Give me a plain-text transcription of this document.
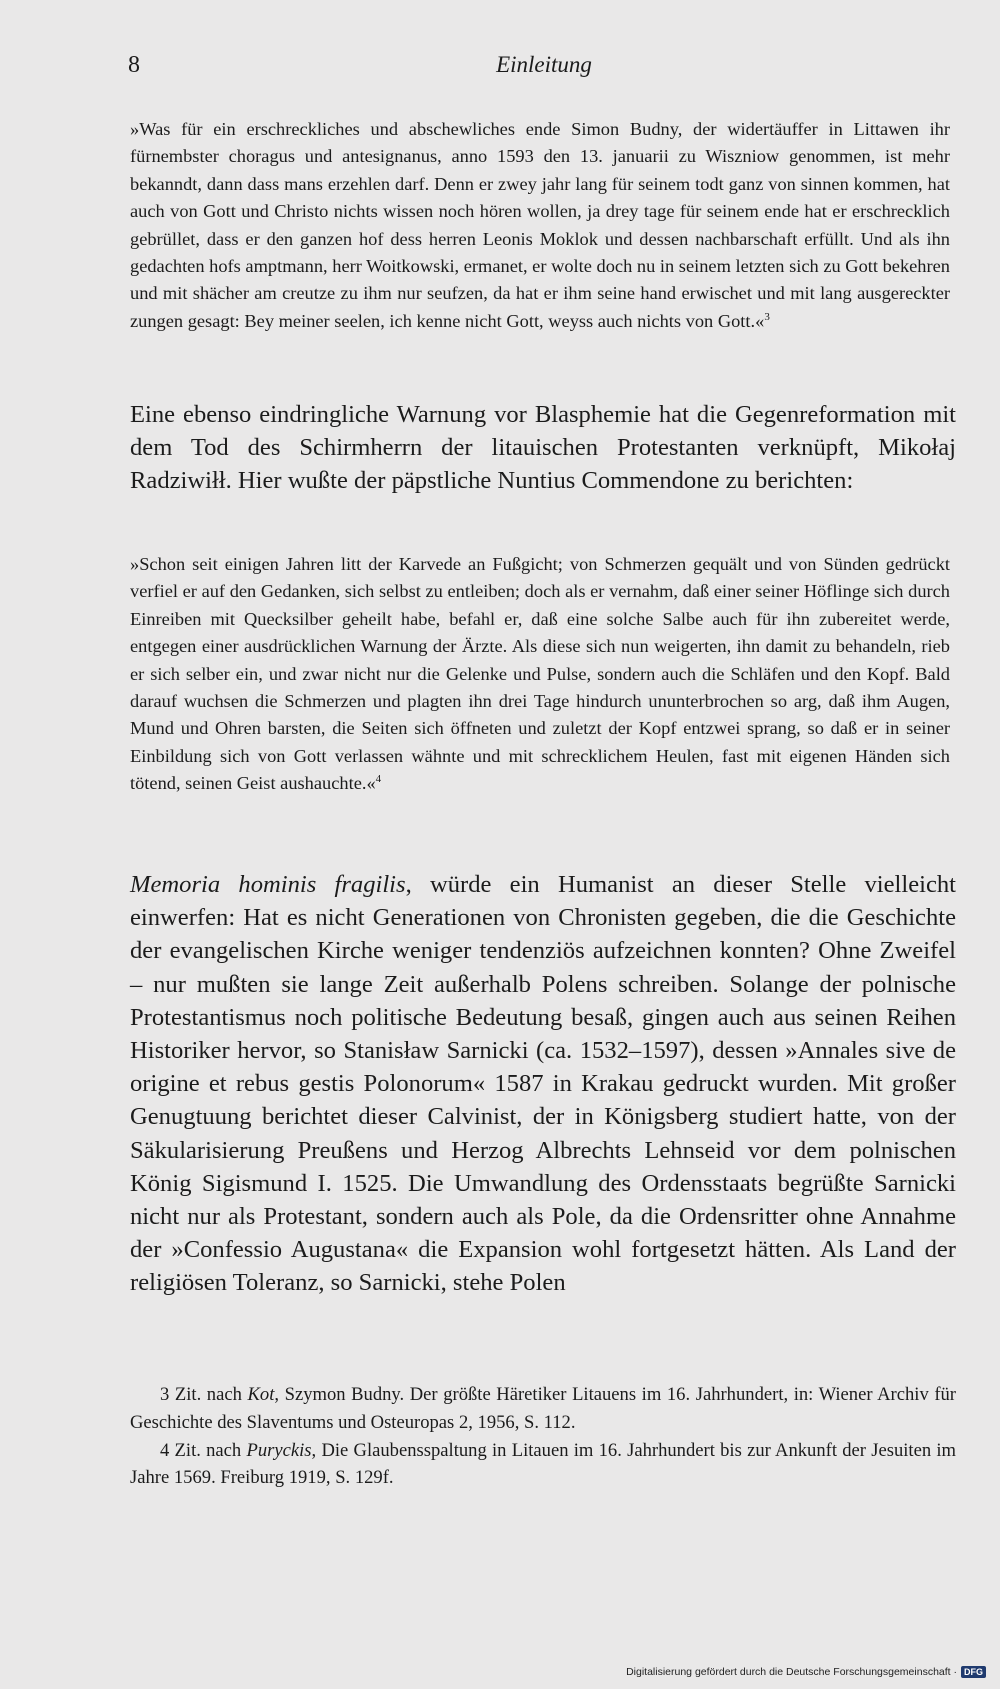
8	Einleitung
»Was für ein erschreckliches und abschewliches ende Simon Budny, der widertäuffer in Littawen ihr fürnembster choragus und antesignanus, anno 1593 den 13. januarii zu Wiszniow genommen, ist mehr bekanndt, dann dass mans erzehlen darf. Denn er zwey jahr lang für seinem todt ganz von sinnen kommen, hat auch von Gott und Christo nichts wissen noch hören wollen, ja drey tage für seinem ende hat er erschrecklich gebrüllet, dass er den ganzen hof dess herren Leonis Moklok und dessen nachbarschaft erfüllt. Und als ihn gedachten hofs amptmann, herr Woitkowski, ermanet, er wolte doch nu in seinem letzten sich zu Gott bekehren und mit shächer am creutze zu ihm nur seufzen, da hat er ihm seine hand erwischet und mit lang ausgereckter zungen gesagt: Bey meiner seelen, ich kenne nicht Gott, weyss auch nichts von Gott.«$^3$
Eine ebenso eindringliche Warnung vor Blasphemie hat die Gegenreformation mit dem Tod des Schirmherrn der litauischen Protestanten verknüpft, Mikołaj Radziwiłł. Hier wußte der päpstliche Nuntius Commendone zu berichten:
»Schon seit einigen Jahren litt der Karvede an Fußgicht; von Schmerzen gequält und von Sünden gedrückt verfiel er auf den Gedanken, sich selbst zu entleiben; doch als er vernahm, daß einer seiner Höflinge sich durch Einreiben mit Quecksilber geheilt habe, befahl er, daß eine solche Salbe auch für ihn zubereitet werde, entgegen einer ausdrücklichen Warnung der Ärzte. Als diese sich nun weigerten, ihn damit zu behandeln, rieb er sich selber ein, und zwar nicht nur die Gelenke und Pulse, sondern auch die Schläfen und den Kopf. Bald darauf wuchsen die Schmerzen und plagten ihn drei Tage hindurch ununterbrochen so arg, daß ihm Augen, Mund und Ohren barsten, die Seiten sich öffneten und zuletzt der Kopf entzwei sprang, so daß er in seiner Einbildung sich von Gott verlassen wähnte und mit schrecklichem Heulen, fast mit eigenen Händen sich tötend, seinen Geist aushauchte.«$^4$
Memoria hominis fragilis, würde ein Humanist an dieser Stelle vielleicht einwerfen: Hat es nicht Generationen von Chronisten gegeben, die die Geschichte der evangelischen Kirche weniger tendenziös aufzeichnen konnten? Ohne Zweifel – nur mußten sie lange Zeit außerhalb Polens schreiben. Solange der polnische Protestantismus noch politische Bedeutung besaß, gingen auch aus seinen Reihen Historiker hervor, so Stanisław Sarnicki (ca. 1532–1597), dessen »Annales sive de origine et rebus gestis Polonorum« 1587 in Krakau gedruckt wurden. Mit großer Genugtuung berichtet dieser Calvinist, der in Königsberg studiert hatte, von der Säkularisierung Preußens und Herzog Albrechts Lehnseid vor dem polnischen König Sigismund I. 1525. Die Umwandlung des Ordensstaats begrüßte Sarnicki nicht nur als Protestant, sondern auch als Pole, da die Ordensritter ohne Annahme der »Confessio Augustana« die Expansion wohl fortgesetzt hätten. Als Land der religiösen Toleranz, so Sarnicki, stehe Polen

3 Zit. nach Kot, Szymon Budny. Der größte Häretiker Litauens im 16. Jahrhundert, in: Wiener Archiv für Geschichte des Slaventums und Osteuropas 2, 1956, S. 112.

4 Zit. nach Puryckis, Die Glaubensspaltung in Litauen im 16. Jahrhundert bis zur Ankunft der Jesuiten im Jahre 1569. Freiburg 1919, S. 129f.

Digitalisierung gefördert durch die Deutsche Forschungsgemeinschaft · DFG
